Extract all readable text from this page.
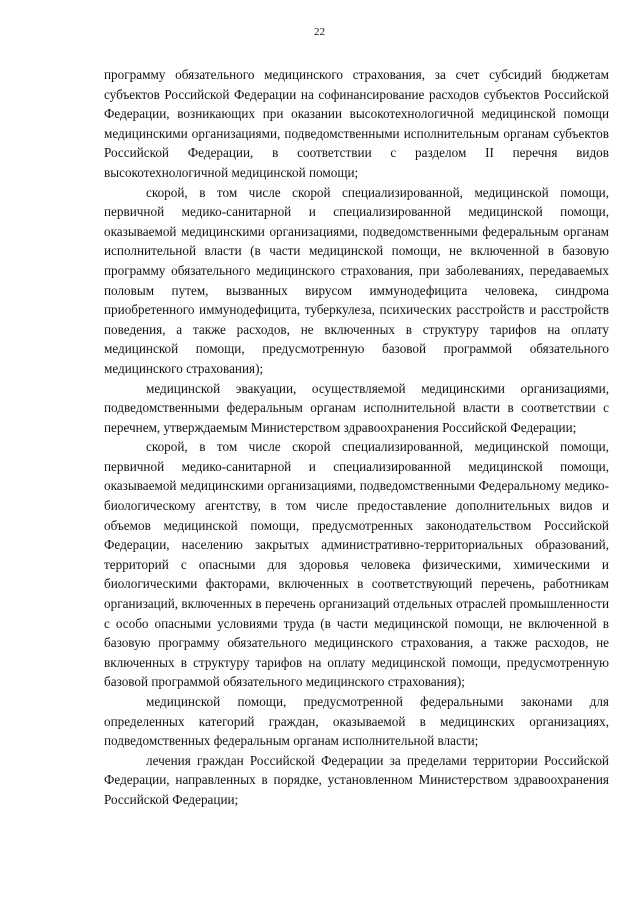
22

программу обязательного медицинского страхования, за счет субсидий бюджетам субъектов Российской Федерации на софинансирование расходов субъектов Российской Федерации, возникающих при оказании высокотехнологичной медицинской помощи медицинскими организациями, подведомственными исполнительным органам субъектов Российской Федерации, в соответствии с разделом II перечня видов высокотехнологичной медицинской помощи;

скорой, в том числе скорой специализированной, медицинской помощи, первичной медико-санитарной и специализированной медицинской помощи, оказываемой медицинскими организациями, подведомственными федеральным органам исполнительной власти (в части медицинской помощи, не включенной в базовую программу обязательного медицинского страхования, при заболеваниях, передаваемых половым путем, вызванных вирусом иммунодефицита человека, синдрома приобретенного иммунодефицита, туберкулеза, психических расстройств и расстройств поведения, а также расходов, не включенных в структуру тарифов на оплату медицинской помощи, предусмотренную базовой программой обязательного медицинского страхования);

медицинской эвакуации, осуществляемой медицинскими организациями, подведомственными федеральным органам исполнительной власти в соответствии с перечнем, утверждаемым Министерством здравоохранения Российской Федерации;

скорой, в том числе скорой специализированной, медицинской помощи, первичной медико-санитарной и специализированной медицинской помощи, оказываемой медицинскими организациями, подведомственными Федеральному медико-биологическому агентству, в том числе предоставление дополнительных видов и объемов медицинской помощи, предусмотренных законодательством Российской Федерации, населению закрытых административно-территориальных образований, территорий с опасными для здоровья человека физическими, химическими и биологическими факторами, включенных в соответствующий перечень, работникам организаций, включенных в перечень организаций отдельных отраслей промышленности с особо опасными условиями труда (в части медицинской помощи, не включенной в базовую программу обязательного медицинского страхования, а также расходов, не включенных в структуру тарифов на оплату медицинской помощи, предусмотренную базовой программой обязательного медицинского страхования);

медицинской помощи, предусмотренной федеральными законами для определенных категорий граждан, оказываемой в медицинских организациях, подведомственных федеральным органам исполнительной власти;

лечения граждан Российской Федерации за пределами территории Российской Федерации, направленных в порядке, установленном Министерством здравоохранения Российской Федерации;
